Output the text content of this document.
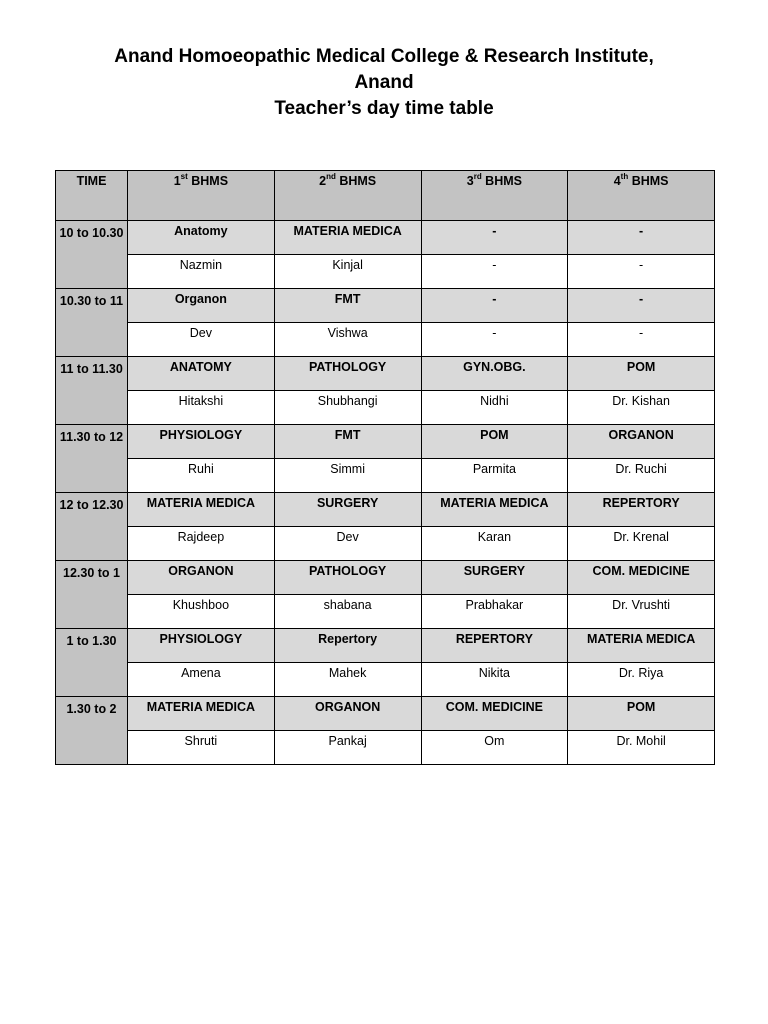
Anand Homoeopathic Medical College & Research Institute,
Anand
Teacher’s day time table
TIME	1st BHMS	2nd BHMS	3rd BHMS	4th BHMS
10 to 10.30	Anatomy	MATERIA MEDICA	-	-
	Nazmin	Kinjal	-	-
10.30 to 11	Organon	FMT	-	-
	Dev	Vishwa	-	-
11 to 11.30	ANATOMY	PATHOLOGY	GYN.OBG.	POM
	Hitakshi	Shubhangi	Nidhi	Dr. Kishan
11.30 to 12	PHYSIOLOGY	FMT	POM	ORGANON
	Ruhi	Simmi	Parmita	Dr. Ruchi
12 to 12.30	MATERIA MEDICA	SURGERY	MATERIA MEDICA	REPERTORY
	Rajdeep	Dev	Karan	Dr. Krenal
12.30 to 1	ORGANON	PATHOLOGY	SURGERY	COM. MEDICINE
	Khushboo	shabana	Prabhakar	Dr. Vrushti
1 to 1.30	PHYSIOLOGY	Repertory	REPERTORY	MATERIA MEDICA
	Amena	Mahek	Nikita	Dr. Riya
1.30 to 2	MATERIA MEDICA	ORGANON	COM. MEDICINE	POM
	Shruti	Pankaj	Om	Dr. Mohil
